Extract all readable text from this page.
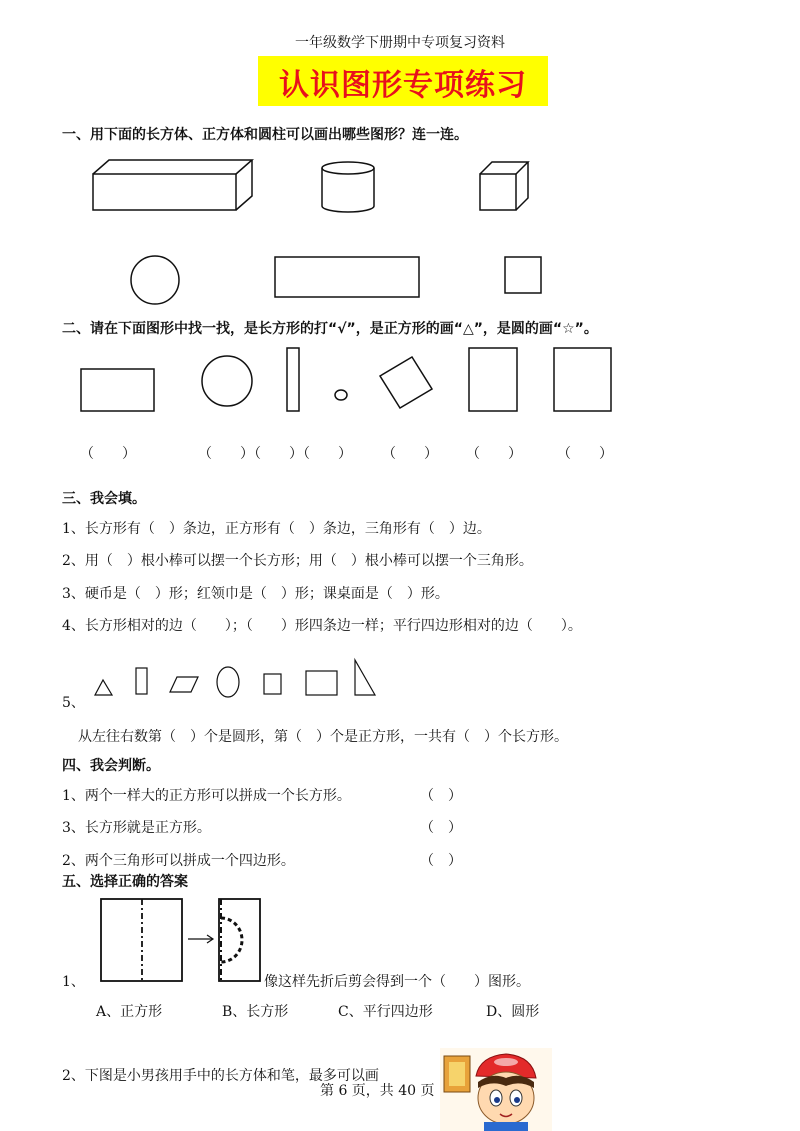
一年级数学下册期中专项复习资料
认识图形专项练习
一、用下面的长方体、正方体和圆柱可以画出哪些图形？连一连。
二、请在下面图形中找一找，是长方形的打“√”，是正方形的画“△”，是圆的画“☆”。
（　　）	（　　）（　　）（　　） （　　） （　　）	（　　）
三、我会填。
1、长方形有（　）条边，正方形有（　）条边，三角形有（　）边。
2、用（　）根小棒可以摆一个长方形；用（　）根小棒可以摆一个三角形。
3、硬币是（　）形；红领巾是（　）形；课桌面是（　）形。
4、长方形相对的边（　　）；（　　）形四条边一样；平行四边形相对的边（　　）。
5、
从左往右数第（　）个是圆形，第（　）个是正方形，一共有（　）个长方形。
四、我会判断。
1、两个一样大的正方形可以拼成一个长方形。	（　）
3、长方形就是正方形。	（　）
2、两个三角形可以拼成一个四边形。	（　）
五、选择正确的答案
1、	像这样先折后剪会得到一个（　　）图形。
A、正方形	B、长方形	C、平行四边形	D、圆形
2、下图是小男孩用手中的长方体和笔，最多可以画
第 6 页，共 40 页
